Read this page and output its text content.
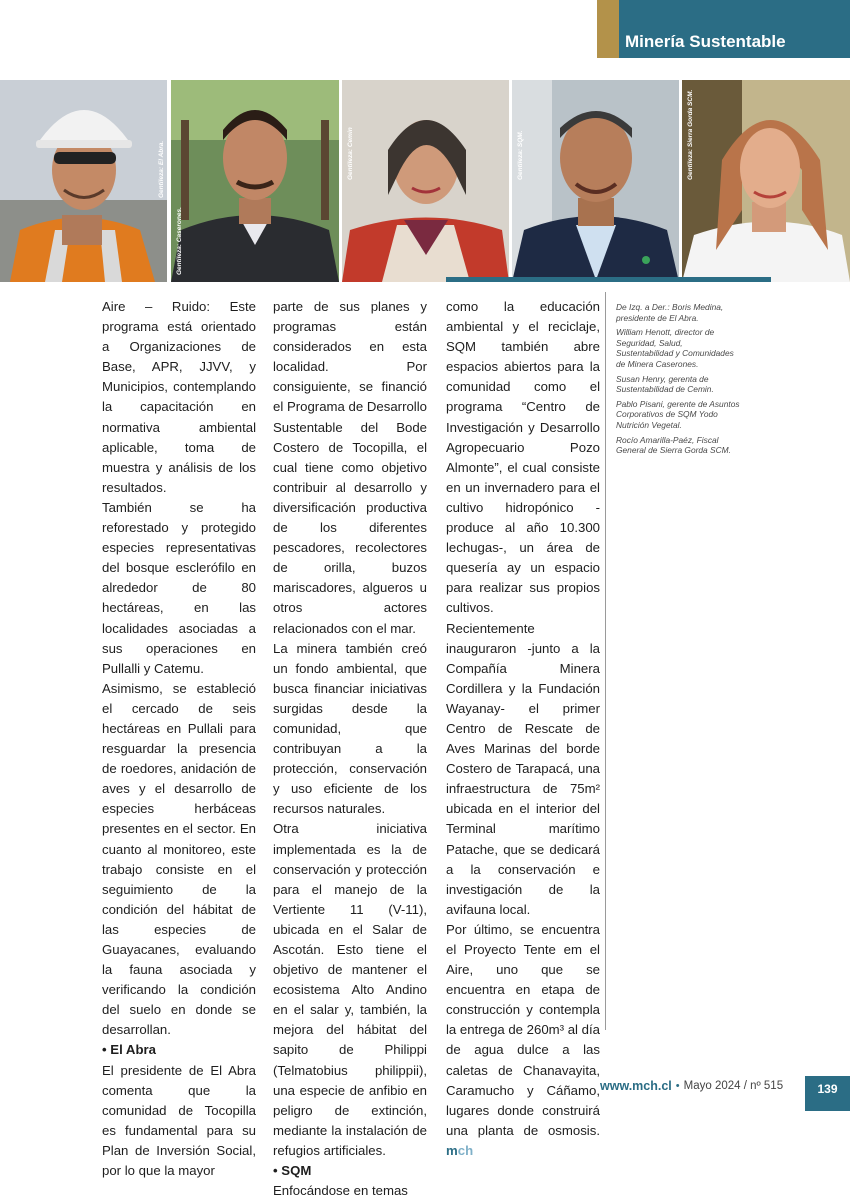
Minería Sustentable
Gentileza: El Abra.
Gentileza: Caserones.
Gentileza: Cemin	Gentileza: SQM.	Gentileza: Sierra Gorda SCM.

Aire – Ruido: Este programa está orientado a Organizaciones de Base, APR, JJVV, y Municipios, contemplando la capacitación en normativa ambiental aplicable, toma de muestra y análisis de los resultados.

También se ha reforestado y protegido especies representativas del bosque esclerófilo en alrededor de 80 hectáreas, en las localidades asociadas a sus operaciones en Pullalli y Catemu.

Asimismo, se estableció el cercado de seis hectáreas en Pullali para resguardar la presencia de roedores, anidación de aves y el desarrollo de especies herbáceas presentes en el sector. En cuanto al monitoreo, este trabajo consiste en el seguimiento de la condición del hábitat de las especies de Guayacanes, evaluando la fauna asociada y verificando la condición del suelo en donde se desarrollan.

• El Abra

El presidente de El Abra comenta que la comunidad de Tocopilla es fundamental para su Plan de Inversión Social, por lo que la mayor

parte de sus planes y programas están considerados en esta localidad. Por consiguiente, se financió el Programa de Desarrollo Sustentable del Bode Costero de Tocopilla, el cual tiene como objetivo contribuir al desarrollo y diversificación productiva de los diferentes pescadores, recolectores de orilla, buzos mariscadores, algueros u otros actores relacionados con el mar.

La minera también creó un fondo ambiental, que busca financiar iniciativas surgidas desde la comunidad, que contribuyan a la protección, conservación y uso eficiente de los recursos naturales.

Otra iniciativa implementada es la de conservación y protección para el manejo de la Vertiente 11 (V-11), ubicada en el Salar de Ascotán. Esto tiene el objetivo de mantener el ecosistema Alto Andino en el salar y, también, la mejora del hábitat del sapito de Philippi (Telmatobius philippii), una especie de anfibio en peligro de extinción, mediante la instalación de refugios artificiales.

• SQM

Enfocándose en temas

como la educación ambiental y el reciclaje, SQM también abre espacios abiertos para la comunidad como el programa “Centro de Investigación y Desarrollo Agropecuario Pozo Almonte”, el cual consiste en un invernadero para el cultivo hidropónico -produce al año 10.300 lechugas-, un área de quesería ay un espacio para realizar sus propios cultivos.

Recientemente inauguraron -junto a la Compañía Minera Cordillera y la Fundación Wayanay- el primer Centro de Rescate de Aves Marinas del borde Costero de Tarapacá, una infraestructura de 75m² ubicada en el interior del Terminal marítimo Patache, que se dedicará a la conservación e investigación de la avifauna local.

Por último, se encuentra el Proyecto Tente em el Aire, uno que se encuentra en etapa de construcción y contempla la entrega de 260m³ al día de agua dulce a las caletas de Chanavayita, Caramucho y Cáñamo, lugares donde construirá una planta de osmosis. mch

De Izq. a Der.: Boris Medina, presidente de El Abra.

William Henott, director de Seguridad, Salud, Sustentabilidad y Comunidades de Minera Caserones.

Susan Henry, gerenta de Sustentabilidad de Cemin.

Pablo Pisani, gerente de Asuntos Corporativos de SQM Yodo Nutrición Vegetal.

Rocío Amarilla-Paéz, Fiscal General de Sierra Gorda SCM.

www.mch.cl • Mayo 2024 / nº 515	139
